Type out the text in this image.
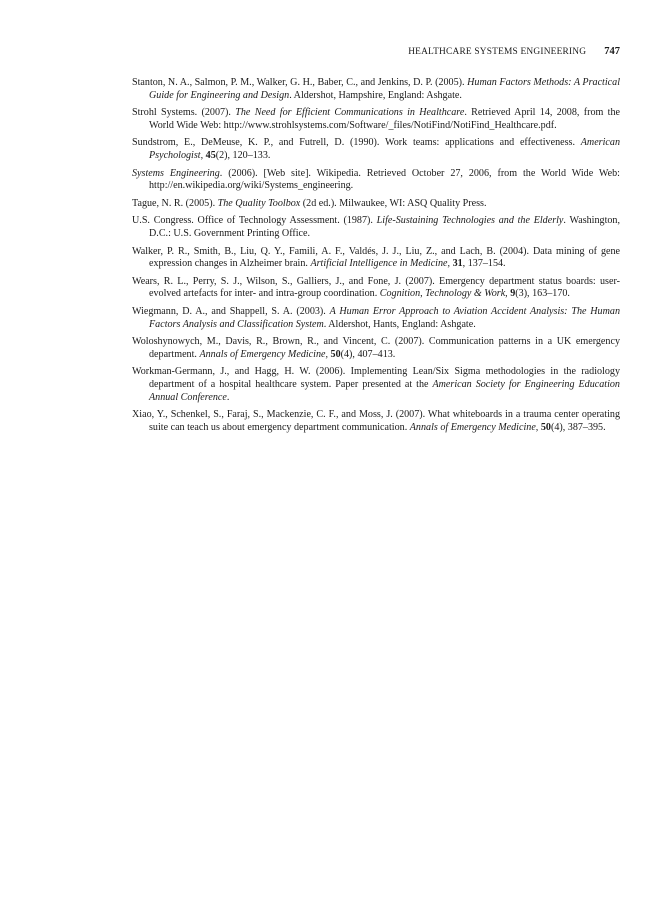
HEALTHCARE SYSTEMS ENGINEERING 747
Stanton, N. A., Salmon, P. M., Walker, G. H., Baber, C., and Jenkins, D. P. (2005). Human Factors Methods: A Practical Guide for Engineering and Design. Aldershot, Hampshire, England: Ashgate.
Strohl Systems. (2007). The Need for Efficient Communications in Healthcare. Retrieved April 14, 2008, from the World Wide Web: http://www.strohlsystems.com/Software/_files/NotiFind/NotiFind_Healthcare.pdf.
Sundstrom, E., DeMeuse, K. P., and Futrell, D. (1990). Work teams: applications and effectiveness. American Psychologist, 45(2), 120–133.
Systems Engineering. (2006). [Web site]. Wikipedia. Retrieved October 27, 2006, from the World Wide Web: http://en.wikipedia.org/wiki/Systems_engineering.
Tague, N. R. (2005). The Quality Toolbox (2d ed.). Milwaukee, WI: ASQ Quality Press.
U.S. Congress. Office of Technology Assessment. (1987). Life-Sustaining Technologies and the Elderly. Washington, D.C.: U.S. Government Printing Office.
Walker, P. R., Smith, B., Liu, Q. Y., Famili, A. F., Valdés, J. J., Liu, Z., and Lach, B. (2004). Data mining of gene expression changes in Alzheimer brain. Artificial Intelligence in Medicine, 31, 137–154.
Wears, R. L., Perry, S. J., Wilson, S., Galliers, J., and Fone, J. (2007). Emergency department status boards: user-evolved artefacts for inter- and intra-group coordination. Cognition, Technology & Work, 9(3), 163–170.
Wiegmann, D. A., and Shappell, S. A. (2003). A Human Error Approach to Aviation Accident Analysis: The Human Factors Analysis and Classification System. Aldershot, Hants, England: Ashgate.
Woloshynowych, M., Davis, R., Brown, R., and Vincent, C. (2007). Communication patterns in a UK emergency department. Annals of Emergency Medicine, 50(4), 407–413.
Workman-Germann, J., and Hagg, H. W. (2006). Implementing Lean/Six Sigma methodologies in the radiology department of a hospital healthcare system. Paper presented at the American Society for Engineering Education Annual Conference.
Xiao, Y., Schenkel, S., Faraj, S., Mackenzie, C. F., and Moss, J. (2007). What whiteboards in a trauma center operating suite can teach us about emergency department communication. Annals of Emergency Medicine, 50(4), 387–395.
